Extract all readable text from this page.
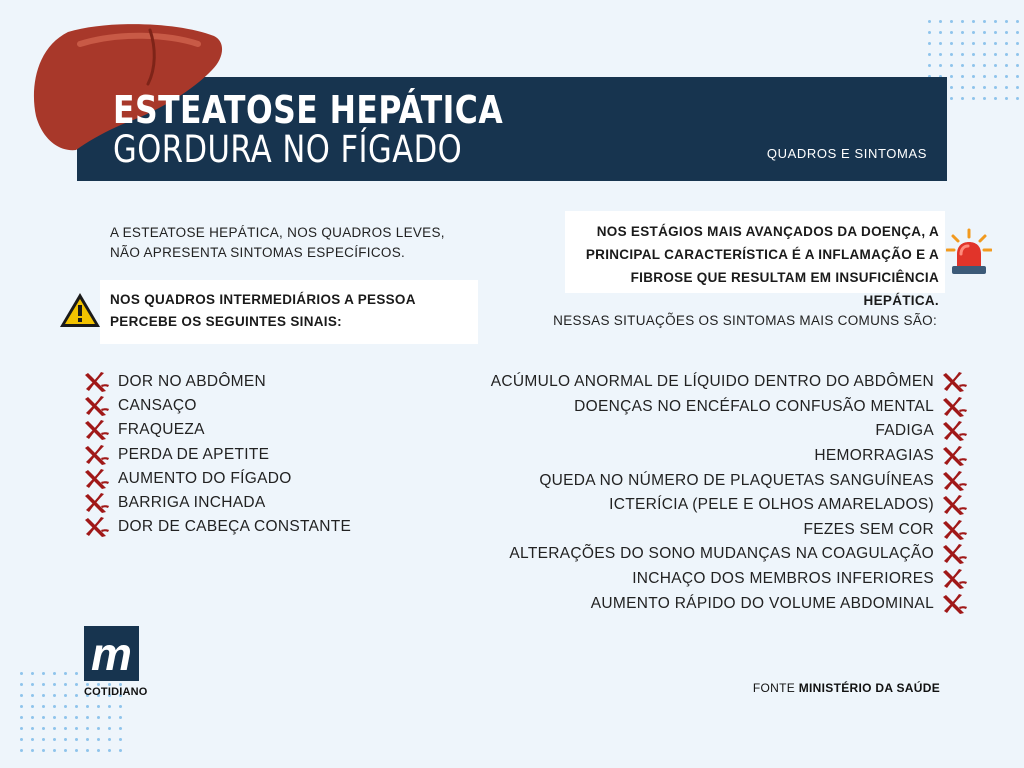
ESTEATOSE HEPÁTICA
GORDURA NO FÍGADO	QUADROS E SINTOMAS
A ESTEATOSE HEPÁTICA, NOS QUADROS LEVES, NÃO APRESENTA SINTOMAS ESPECÍFICOS.
NOS QUADROS INTERMEDIÁRIOS A PESSOA PERCEBE OS SEGUINTES SINAIS:
DOR NO ABDÔMEN
CANSAÇO
FRAQUEZA
PERDA DE APETITE
AUMENTO DO FÍGADO
BARRIGA INCHADA
DOR DE CABEÇA CONSTANTE
NOS ESTÁGIOS MAIS AVANÇADOS DA DOENÇA, A PRINCIPAL CARACTERÍSTICA É A INFLAMAÇÃO E A FIBROSE QUE RESULTAM EM INSUFICIÊNCIA HEPÁTICA.
NESSAS SITUAÇÕES OS SINTOMAS MAIS COMUNS SÃO:
ACÚMULO ANORMAL DE LÍQUIDO DENTRO DO ABDÔMEN
DOENÇAS NO ENCÉFALO CONFUSÃO MENTAL
FADIGA
HEMORRAGIAS
QUEDA NO NÚMERO DE PLAQUETAS SANGUÍNEAS
ICTERÍCIA (PELE E OLHOS AMARELADOS)
FEZES SEM COR
ALTERAÇÕES DO SONO MUDANÇAS NA COAGULAÇÃO
INCHAÇO DOS MEMBROS INFERIORES
AUMENTO RÁPIDO DO VOLUME ABDOMINAL
m
COTIDIANO	FONTE MINISTÉRIO DA SAÚDE
